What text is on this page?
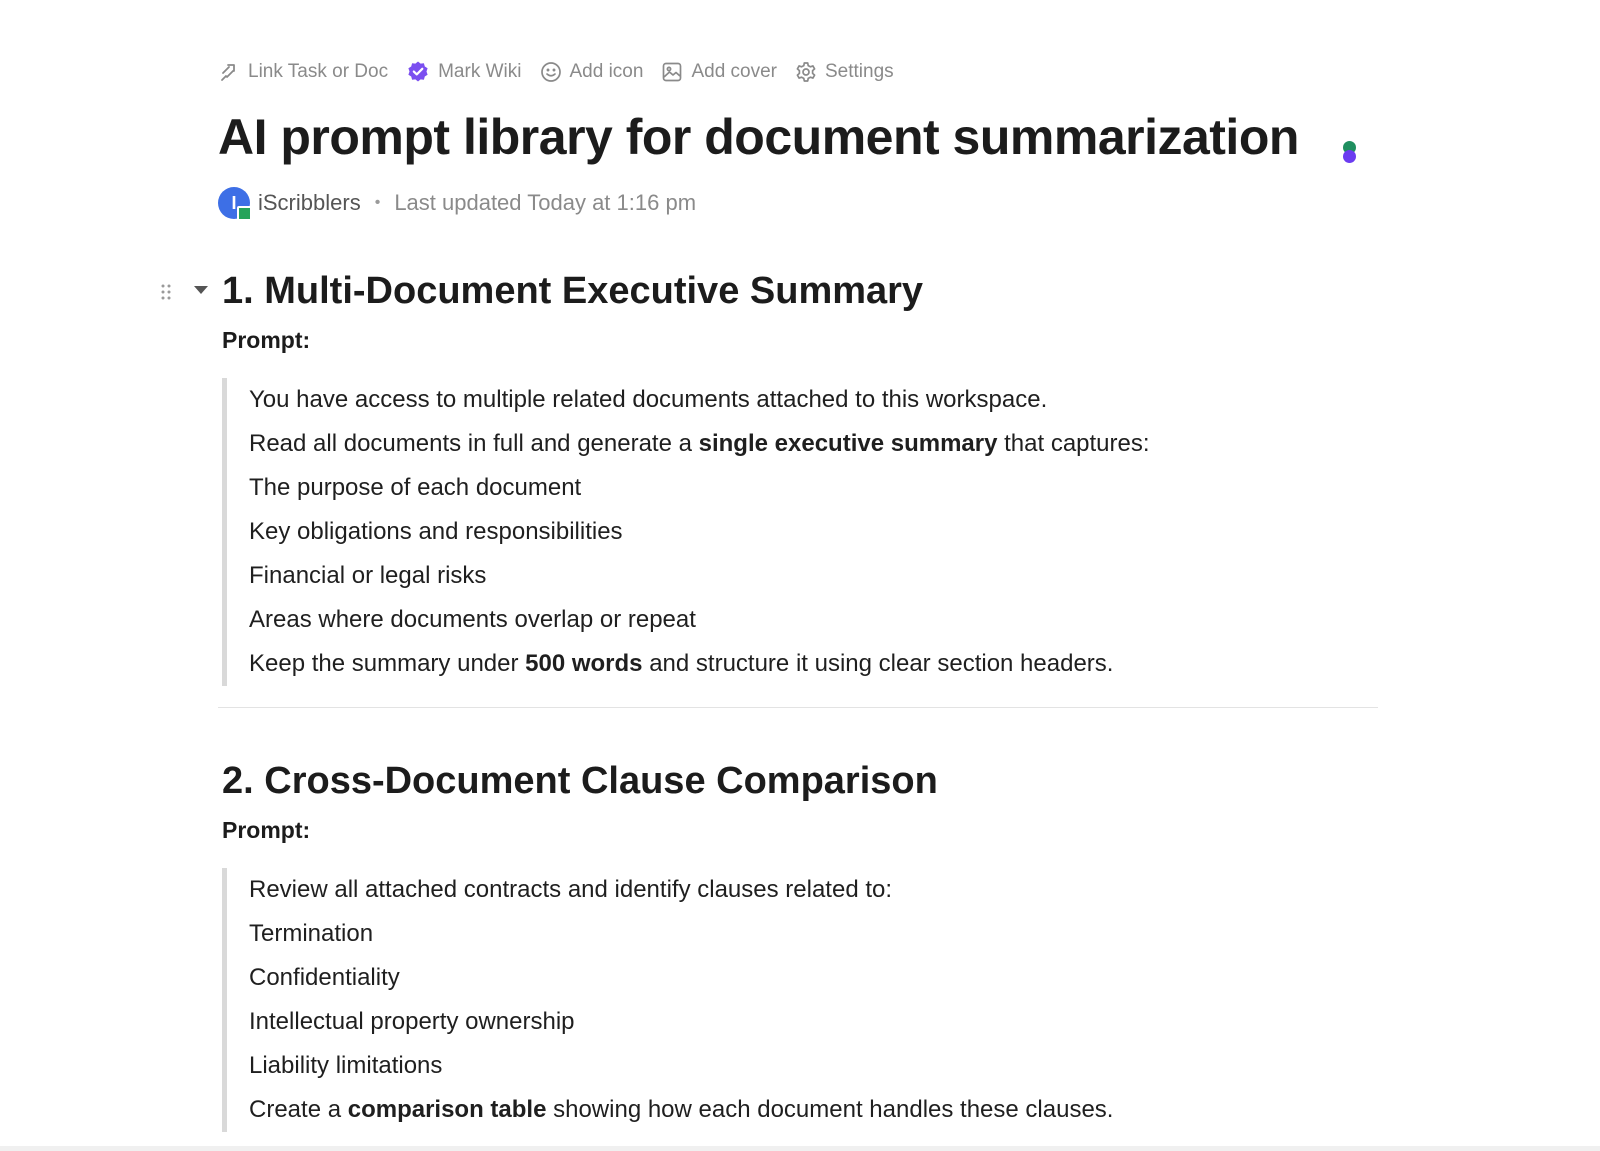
Link Task or Doc	Mark Wiki	Add icon	Add cover	Settings
AI prompt library for document summarization
I iScribblers • Last updated Today at 1:16 pm
1. Multi-Document Executive Summary
Prompt:

You have access to multiple related documents attached to this workspace.

Read all documents in full and generate a single executive summary that captures:

The purpose of each document

Key obligations and responsibilities

Financial or legal risks

Areas where documents overlap or repeat

Keep the summary under 500 words and structure it using clear section headers.

2. Cross-Document Clause Comparison
Prompt:

Review all attached contracts and identify clauses related to:

Termination

Confidentiality

Intellectual property ownership

Liability limitations

Create a comparison table showing how each document handles these clauses.
